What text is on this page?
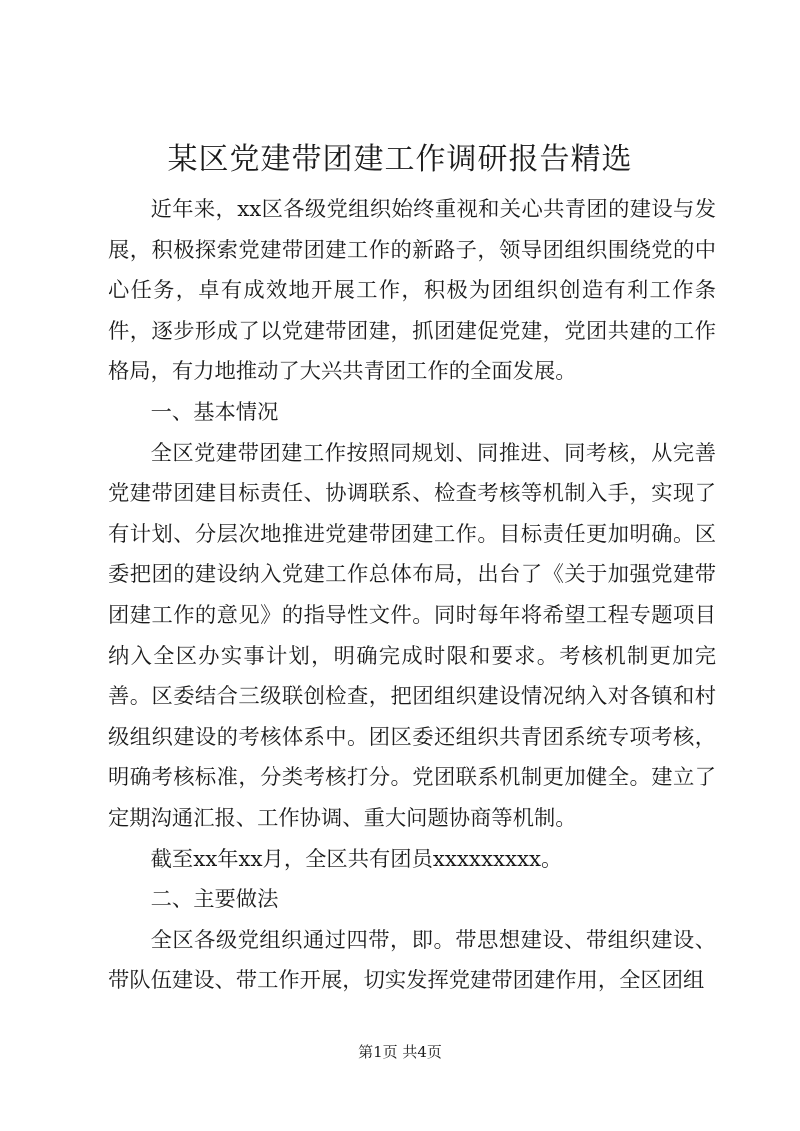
某区党建带团建工作调研报告精选

近年来，xx区各级党组织始终重视和关心共青团的建设与发展，积极探索党建带团建工作的新路子，领导团组织围绕党的中心任务，卓有成效地开展工作，积极为团组织创造有利工作条件，逐步形成了以党建带团建，抓团建促党建，党团共建的工作格局，有力地推动了大兴共青团工作的全面发展。

一、基本情况

全区党建带团建工作按照同规划、同推进、同考核，从完善党建带团建目标责任、协调联系、检查考核等机制入手，实现了有计划、分层次地推进党建带团建工作。目标责任更加明确。区委把团的建设纳入党建工作总体布局，出台了《关于加强党建带团建工作的意见》的指导性文件。同时每年将希望工程专题项目纳入全区办实事计划，明确完成时限和要求。考核机制更加完善。区委结合三级联创检查，把团组织建设情况纳入对各镇和村级组织建设的考核体系中。团区委还组织共青团系统专项考核，明确考核标准，分类考核打分。党团联系机制更加健全。建立了定期沟通汇报、工作协调、重大问题协商等机制。

截至xx年xx月，全区共有团员xxxxxxxxx。

二、主要做法

全区各级党组织通过四带，即。带思想建设、带组织建设、带队伍建设、带工作开展，切实发挥党建带团建作用，全区团组

第1页 共4页
